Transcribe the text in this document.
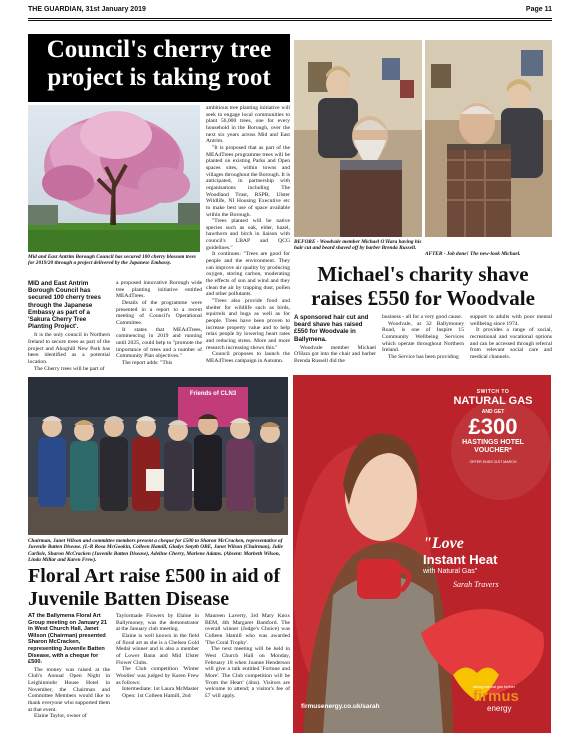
THE GUARDIAN, 31st January 2019	Page 11
Council's cherry tree project is taking root
Mid and East Antrim Borough Council has secured 100 cherry blossom trees for 2019/20 through a project delivered by the Japanese Embassy.
MID and East Antrim Borough Council has secured 100 cherry trees through the Japanese Embassy as part of a 'Sakura Cherry Tree Planting Project'.

It is the only council in Northern Ireland to secure trees as part of the project and Ahoghill New Park has been identified as a potential location.

The Cherry trees will be part of

a proposed innovative Borough wide tree planting initiative entitled MEA4Trees.

Details of the programme were presented in a report to a recent meeting of Council's Operational Committee.

It states that MEA4Trees, commencing in 2019 and running until 2025, could help to "promote the importance of trees and a number of Community Plan objectives."

The report adds: "This

ambitious tree planting initiative will seek to engage local communities to plant 56,000 trees, one for every household in the Borough, over the next six years across Mid and East Antrim.

"It is proposed that as part of the MEA4Trees programme trees will be planted on existing Parks and Open spaces sites, within towns and villages throughout the Borough. It is anticipated, in partnership with organisations including The Woodland Trust, RSPB, Ulster Wildlife, NI Housing Executive etc to make best use of space available within the Borough.

"Trees planted will be native species such as oak, elder, hazel, hawthorn and birch in liaison with council's LBAP and QCG guidelines."

It continues: "Trees are good for people and the environment. They can improve air quality by producing oxygen, storing carbon, moderating the effects of sun and wind and they clean the air by trapping dust, pollen and other pollutants.

"Trees also provide food and shelter for wildlife such as birds, squirrels and bugs as well as for people. Trees have been proven to increase property value and to help relax people by lowering heart rates and reducing stress. More and more research increasing shows this."

Council proposes to launch the MEA4Trees campaign in Autumn.

BEFORE - Woodvale member Michael O'Hara having his hair cut and beard shaved off by barber Brenda Russell.
AFTER - Job done! The new-look Michael.
Michael's charity shave raises £550 for Woodvale
A sponsored hair cut and beard shave has raised £550 for Woodvale in Ballymena.

Woodvale member Michael O'Hara got into the chair and barber Brenda Russell did the

business - all for a very good cause.

Woodvale, at 32 Ballymoney Road, is one of Inspire 15 Community Wellbeing Services which operate throughout Northern Ireland.

The Service has been providing

support to adults with poor mental wellbeing since 1974.

It provides a range of social, recreational and vocational options and can be accessed through referral from relevant social care and medical channels.

Friends of CLN3
Chairman, Janet Wilson and committee members present a cheque for £500 to Sharon McCracken, representative of Juvenile Batten Disease. (L-R Rosa McGookin, Colleen Hamill, Gladys Smyth OBE, Janet Wilson (Chairman), Julie Carlisle, Sharon McCracken (Juvenile Batten Disease), Adeline Cherry, Marlene Adams. (Absent: Marbeth Wilson, Linda Millar and Karen Frew).
Floral Art raise £500 in aid of Juvenile Batten Disease
AT the Ballymena Floral Art Group meeting on January 21 in West Church Hall, Janet Wilson (Chairman) presented Sharon McCracken, representing Juvenile Batten Disease, with a cheque for £500.

The money was raised at the Club's Annual Open Night in Leighinmohr House Hotel in November, the Chairman and Committee Members would like to thank everyone who supported them at that event.

Elaine Taylor, owner of

Taylormade Flowers by Elaine in Ballymoney, was the demonstrator at the January club meeting.

Elaine is well known in the field of floral art as she is a Chelsea Gold Medal winner and is also a member of Lower Bann and Mid Ulster Flower Clubs.

The Club competition 'Winter Woolies' was judged by Karen Frew as follows:

Intermediate: 1st Laura McMaster

Open: 1st Colleen Hamill, 2nd

Maureen Laverty, 3rd Mary Knox BEM, 4th Margaret Bamford. The overall winner (Judge's Choice) was Colleen Hamill who was awarded 'The Coral Trophy'.

The next meeting will be held in West Church Hall on Monday, February 18 when Joanne Henderson will give a talk entitled 'Fortune and More'. The Club competition will be 'From the Heart' (4ins). Visitors are welcome to attend; a visitor's fee of £7 will apply.

SWITCH TO
NATURAL GAS
AND GET
£300
HASTINGS HOTEL
VOUCHER*
OFFER ENDS 31ST MARCH
"Love
Instant Heat
with Natural Gas"
Sarah Travers
firmusenergy.co.uk/sarah
taking natural gas further
firmus
energy
